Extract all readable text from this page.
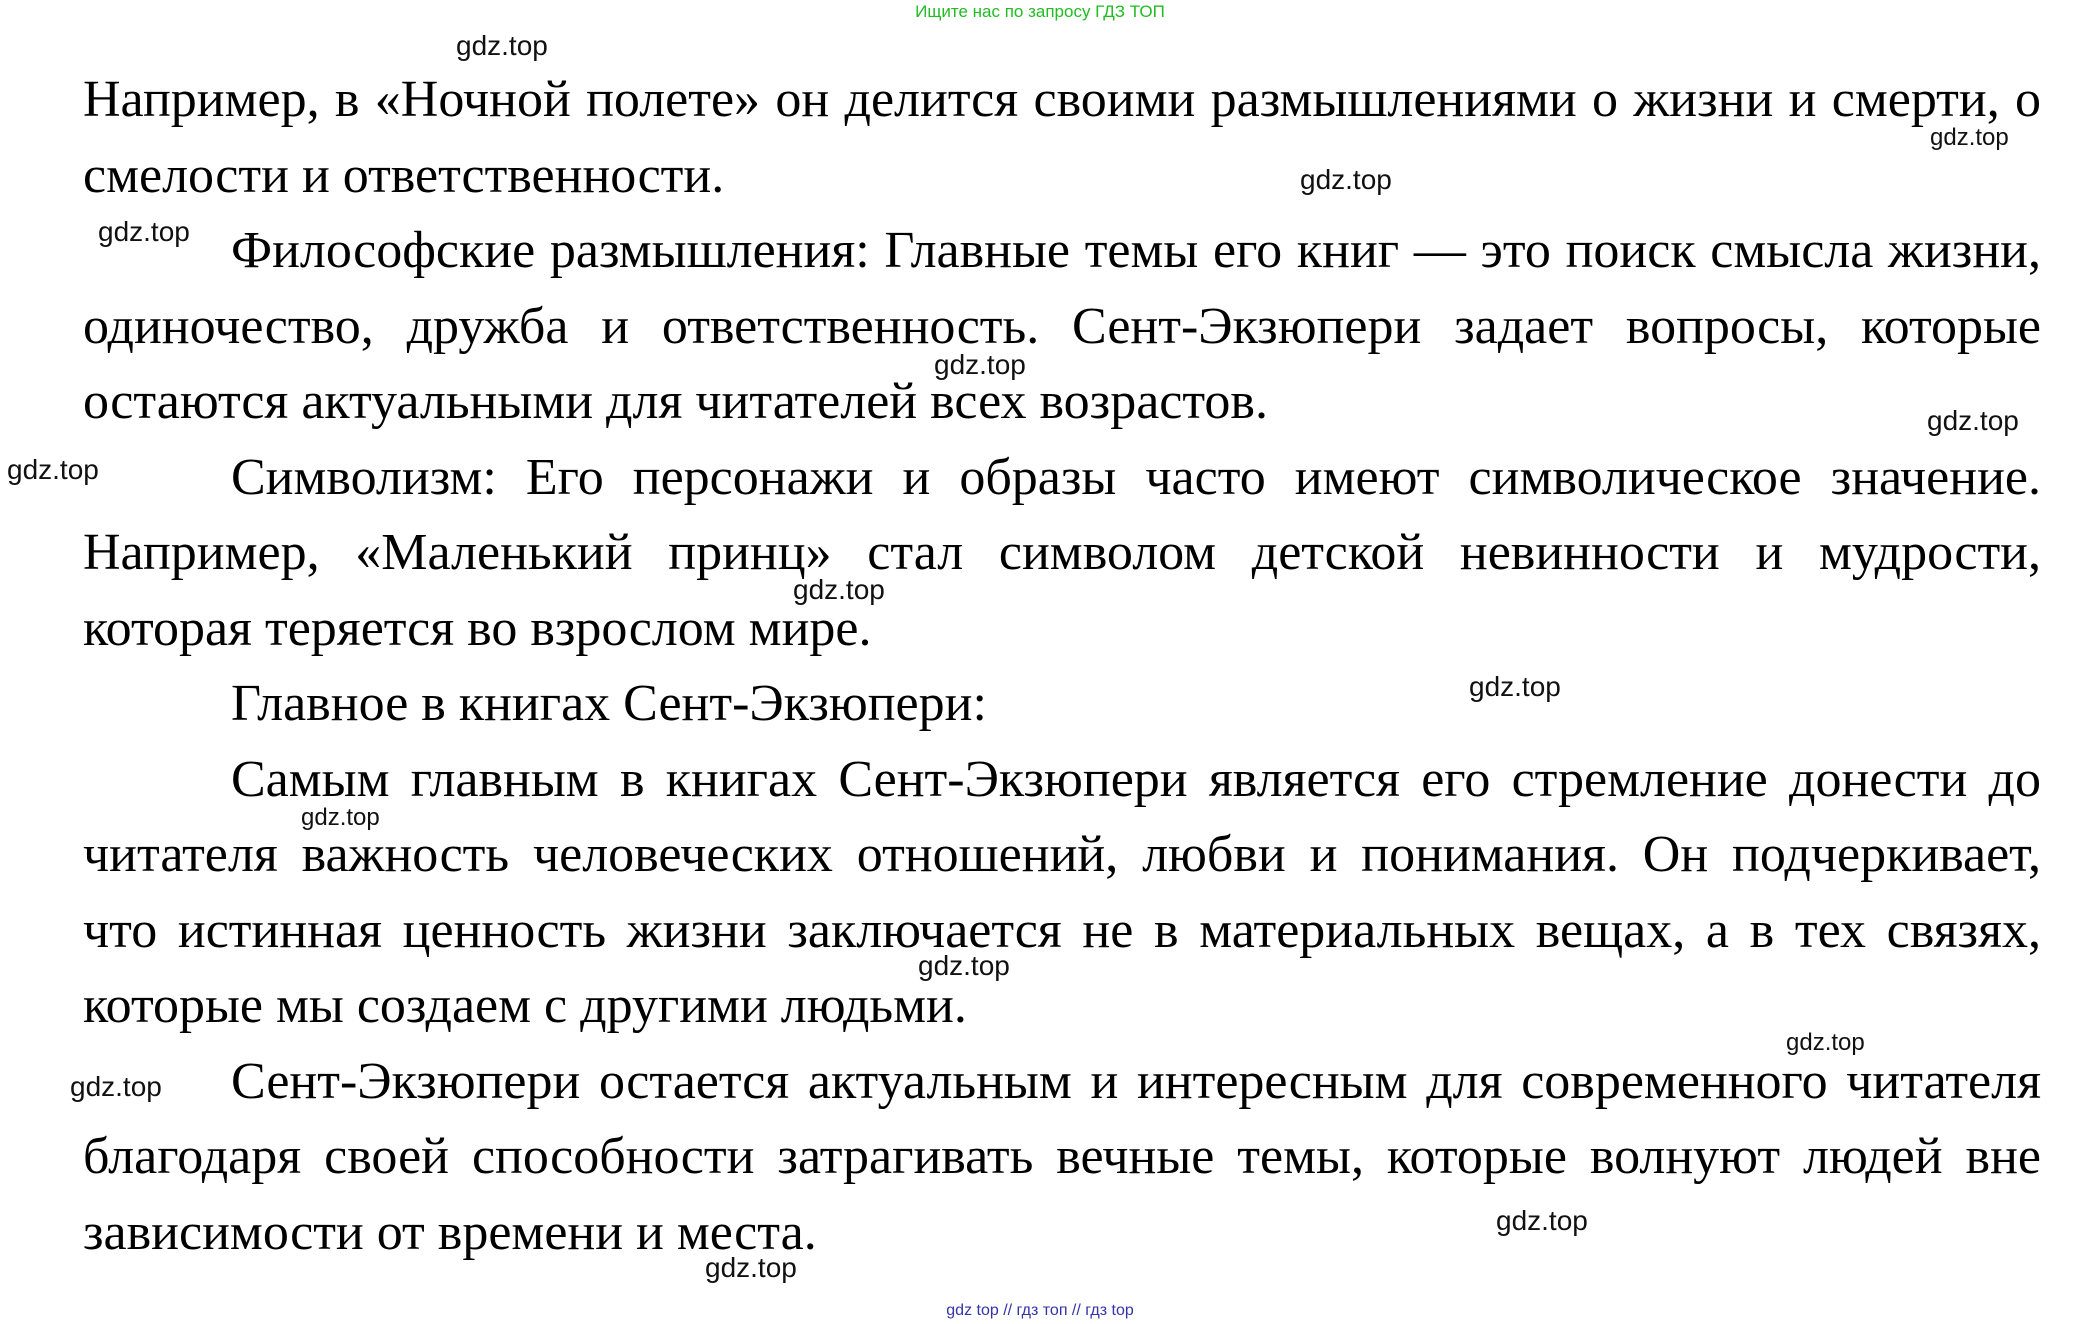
Ищите нас по запросу ГДЗ ТОП

Например, в «Ночной полете» он делится своими размышлениями о жизни и смерти, о смелости и ответственности.

Философские размышления: Главные темы его книг — это поиск смысла жизни, одиночество, дружба и ответственность. Сент-Экзюпери задает вопросы, которые остаются актуальными для читателей всех возрастов.

Символизм: Его персонажи и образы часто имеют символическое значение. Например, «Маленький принц» стал символом детской невинности и мудрости, которая теряется во взрослом мире.

Главное в книгах Сент-Экзюпери:

Самым главным в книгах Сент-Экзюпери является его стремление донести до читателя важность человеческих отношений, любви и понимания. Он подчеркивает, что истинная ценность жизни заключается не в материальных вещах, а в тех связях, которые мы создаем с другими людьми.

Сент-Экзюпери остается актуальным и интересным для современного читателя благодаря своей способности затрагивать вечные темы, которые волнуют людей вне зависимости от времени и места.

gdz.top
gdz.top
gdz.top
gdz.top
gdz.top
gdz.top
gdz.top
gdz.top
gdz.top
gdz.top
gdz.top
gdz.top
gdz.top
gdz.top
gdz.top
gdz top // гдз топ // гдз top
